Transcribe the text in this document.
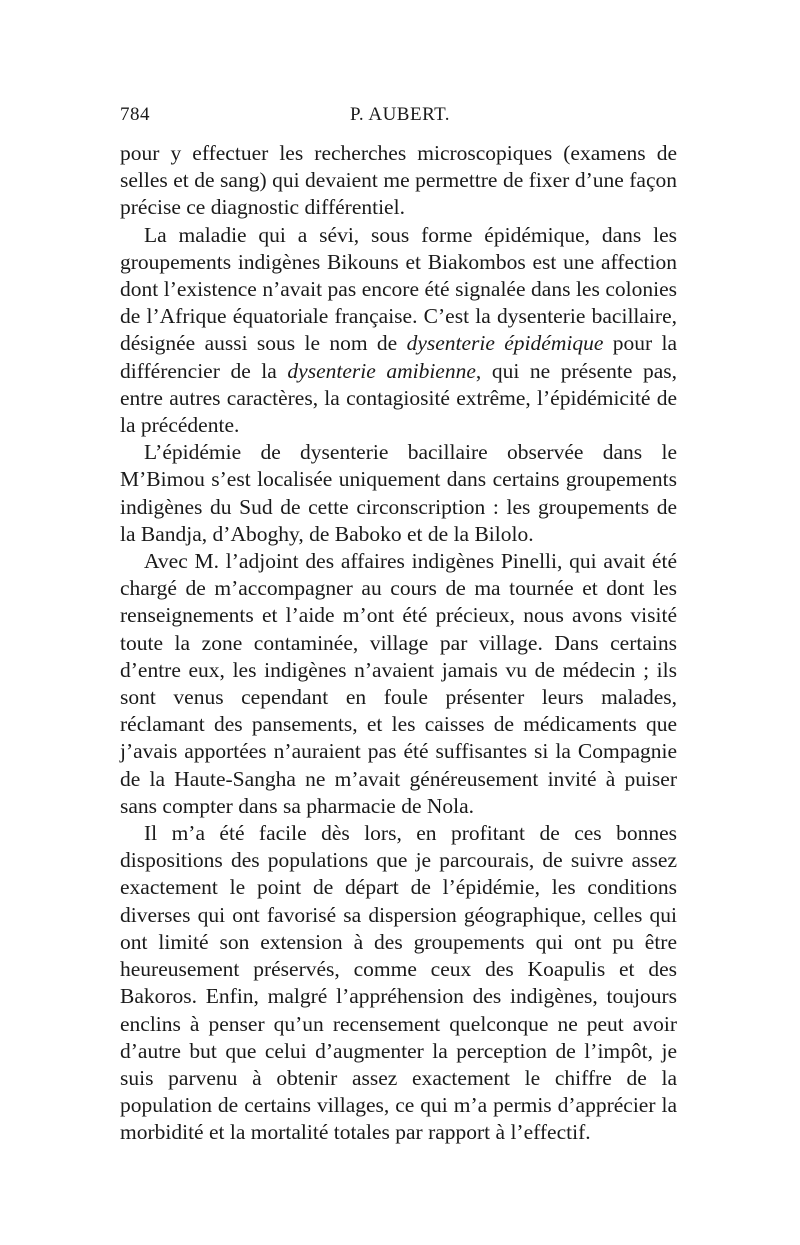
784	P. AUBERT.

pour y effectuer les recherches microscopiques (examens de selles et de sang) qui devaient me permettre de fixer d’une façon précise ce diagnostic différentiel.

La maladie qui a sévi, sous forme épidémique, dans les groupements indigènes Bikouns et Biakombos est une affection dont l’existence n’avait pas encore été signalée dans les colonies de l’Afrique équatoriale française. C’est la dysenterie bacillaire, désignée aussi sous le nom de dysenterie épidémique pour la différencier de la dysenterie amibienne, qui ne présente pas, entre autres caractères, la contagiosité extrême, l’épidémicité de la précédente.

L’épidémie de dysenterie bacillaire observée dans le M’Bimou s’est localisée uniquement dans certains groupements indigènes du Sud de cette circonscription : les groupements de la Bandja, d’Aboghy, de Baboko et de la Bilolo.

Avec M. l’adjoint des affaires indigènes Pinelli, qui avait été chargé de m’accompagner au cours de ma tournée et dont les renseignements et l’aide m’ont été précieux, nous avons visité toute la zone contaminée, village par village. Dans certains d’entre eux, les indigènes n’avaient jamais vu de médecin ; ils sont venus cependant en foule présenter leurs malades, réclamant des pansements, et les caisses de médicaments que j’avais apportées n’auraient pas été suffisantes si la Compagnie de la Haute-Sangha ne m’avait généreusement invité à puiser sans compter dans sa pharmacie de Nola.

Il m’a été facile dès lors, en profitant de ces bonnes dispositions des populations que je parcourais, de suivre assez exactement le point de départ de l’épidémie, les conditions diverses qui ont favorisé sa dispersion géographique, celles qui ont limité son extension à des groupements qui ont pu être heureusement préservés, comme ceux des Koapulis et des Bakoros. Enfin, malgré l’appréhension des indigènes, toujours enclins à penser qu’un recensement quelconque ne peut avoir d’autre but que celui d’augmenter la perception de l’impôt, je suis parvenu à obtenir assez exactement le chiffre de la population de certains villages, ce qui m’a permis d’apprécier la morbidité et la mortalité totales par rapport à l’effectif.
